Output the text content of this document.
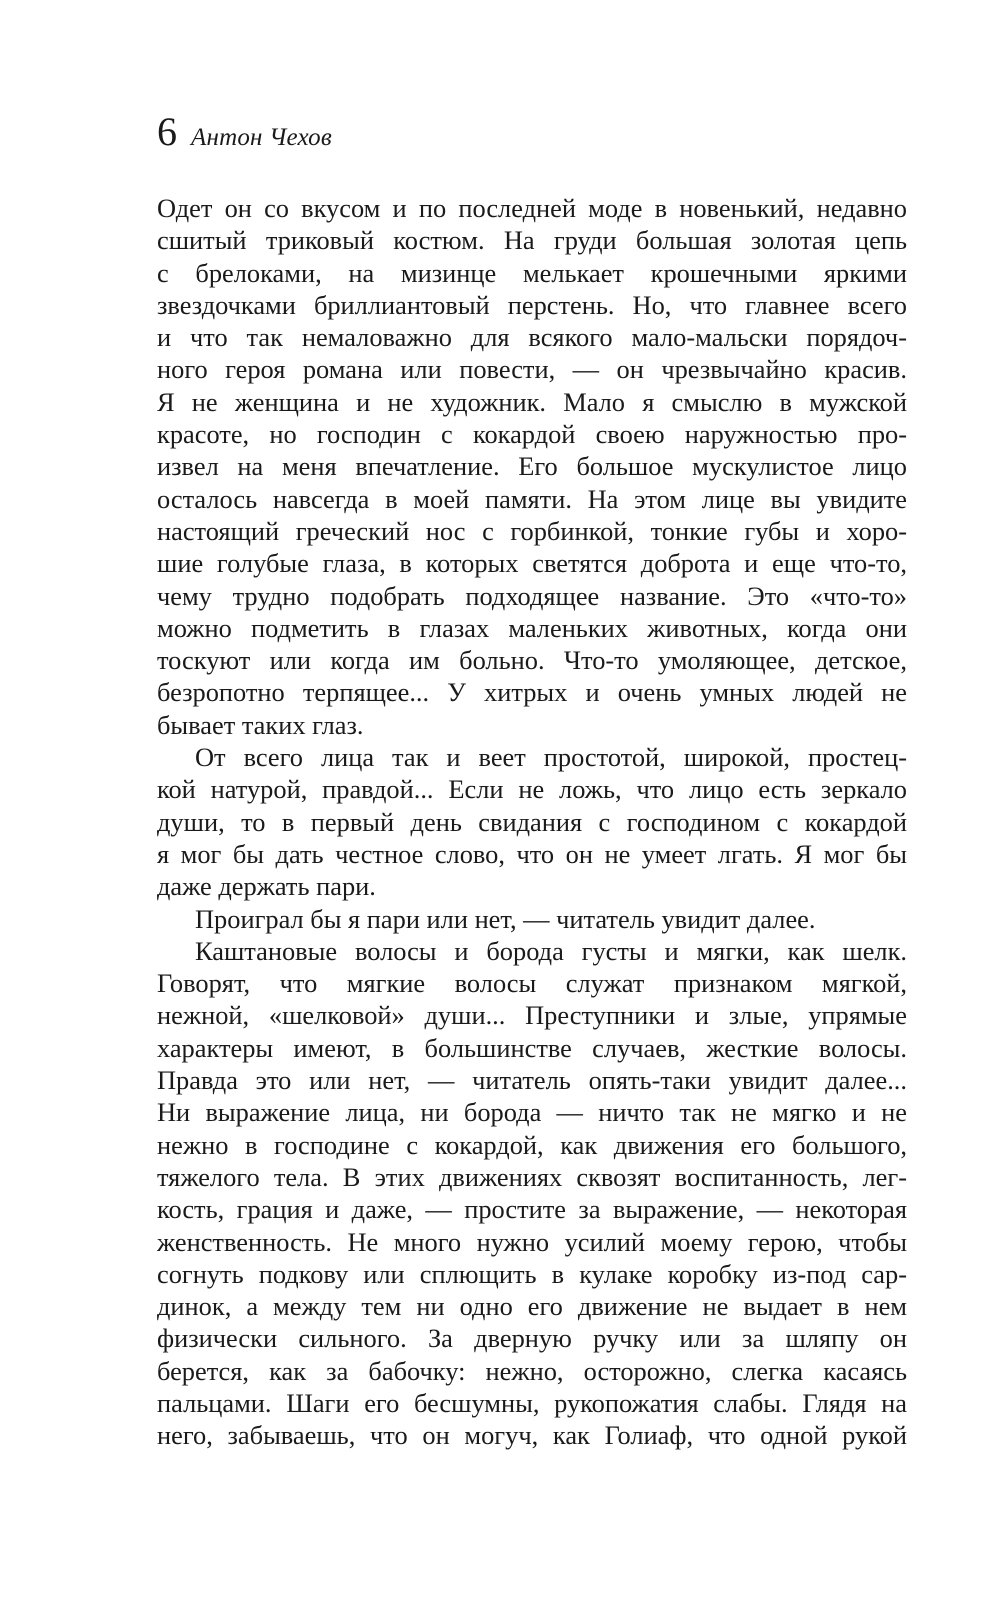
6 Антон Чехов
Одет он со вкусом и по последней моде в новенький, недавно
сшитый триковый костюм. На груди большая золотая цепь
с брелоками, на мизинце мелькает крошечными яркими
звездочками бриллиантовый перстень. Но, что главнее всего
и что так немаловажно для всякого мало-мальски порядоч-
ного героя романа или повести, — он чрезвычайно красив.
Я не женщина и не художник. Мало я смыслю в мужской
красоте, но господин с кокардой своею наружностью про-
извел на меня впечатление. Его большое мускулистое лицо
осталось навсегда в моей памяти. На этом лице вы увидите
настоящий греческий нос с горбинкой, тонкие губы и хоро-
шие голубые глаза, в которых светятся доброта и еще что-то,
чему трудно подобрать подходящее название. Это «что-то»
можно подметить в глазах маленьких животных, когда они
тоскуют или когда им больно. Что-то умоляющее, детское,
безропотно терпящее... У хитрых и очень умных людей не
бывает таких глаз.
От всего лица так и веет простотой, широкой, простец-
кой натурой, правдой... Если не ложь, что лицо есть зеркало
души, то в первый день свидания с господином с кокардой
я мог бы дать честное слово, что он не умеет лгать. Я мог бы
даже держать пари.
Проиграл бы я пари или нет, — читатель увидит далее.
Каштановые волосы и борода густы и мягки, как шелк.
Говорят, что мягкие волосы служат признаком мягкой,
нежной, «шелковой» души... Преступники и злые, упрямые
характеры имеют, в большинстве случаев, жесткие волосы.
Правда это или нет, — читатель опять-таки увидит далее...
Ни выражение лица, ни борода — ничто так не мягко и не
нежно в господине с кокардой, как движения его большого,
тяжелого тела. В этих движениях сквозят воспитанность, лег-
кость, грация и даже, — простите за выражение, — некоторая
женственность. Не много нужно усилий моему герою, чтобы
согнуть подкову или сплющить в кулаке коробку из-под сар-
динок, а между тем ни одно его движение не выдает в нем
физически сильного. За дверную ручку или за шляпу он
берется, как за бабочку: нежно, осторожно, слегка касаясь
пальцами. Шаги его бесшумны, рукопожатия слабы. Глядя на
него, забываешь, что он могуч, как Голиаф, что одной рукой
